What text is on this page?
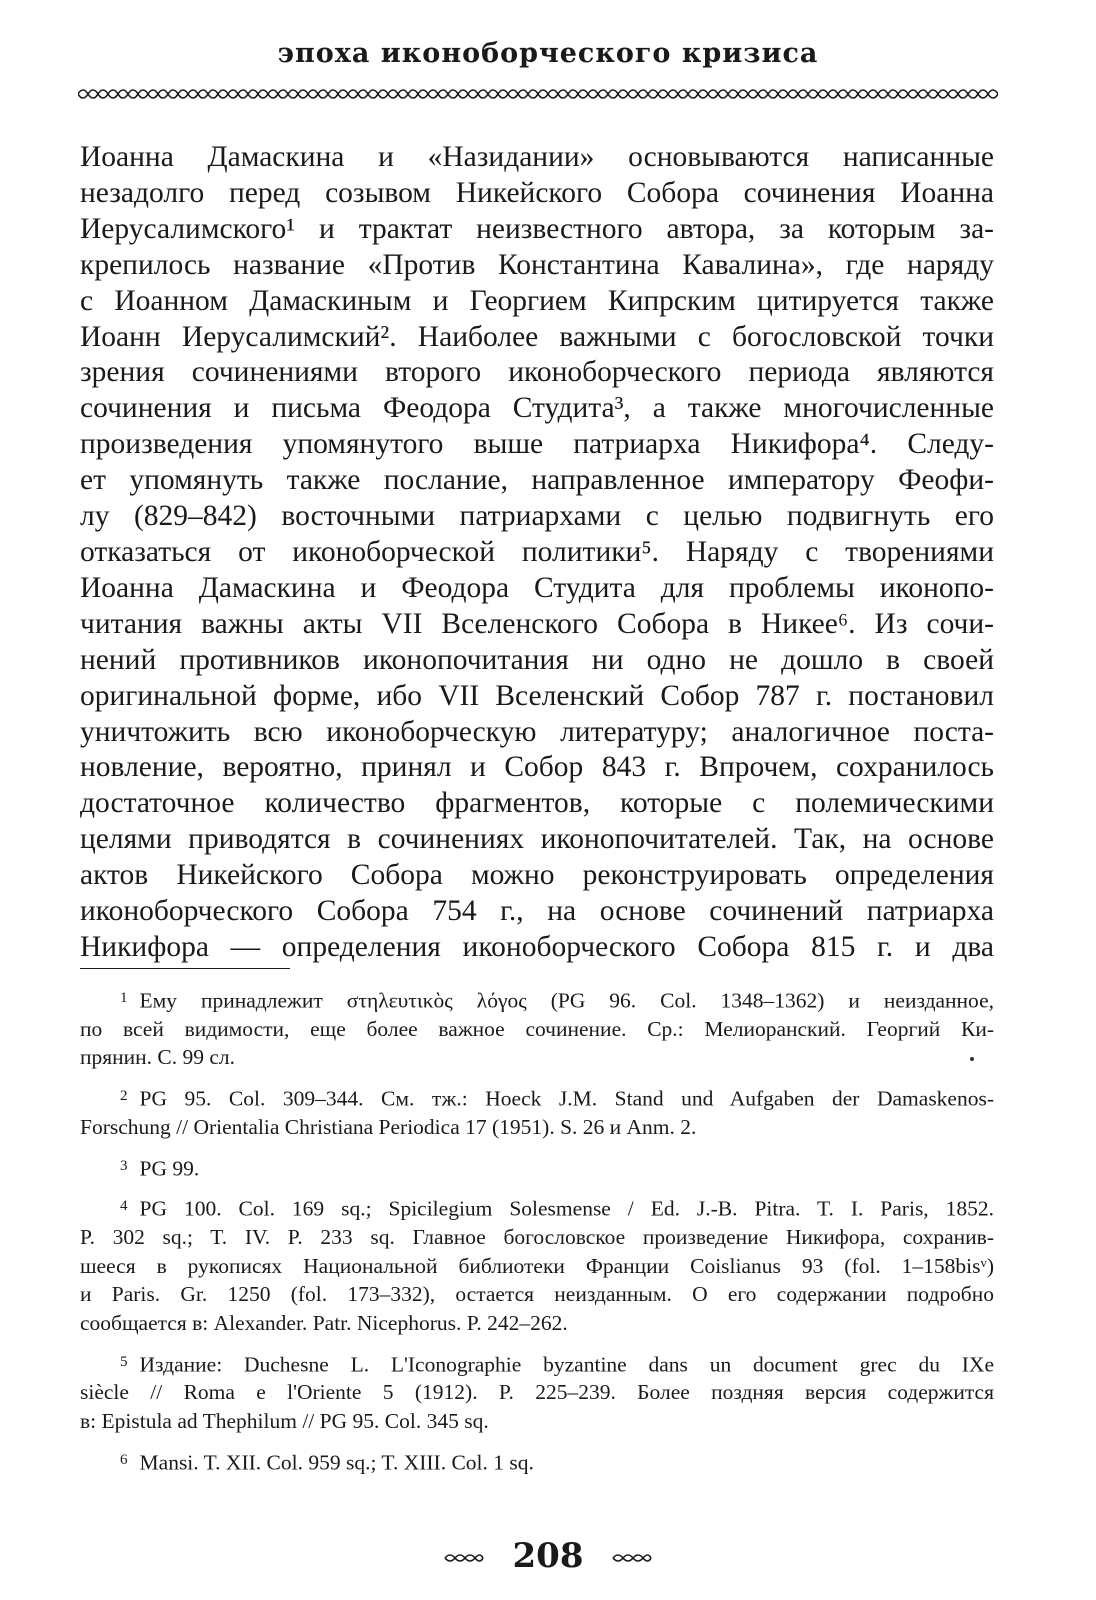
эпоха иконоборческого кризиса
Иоанна Дамаскина и «Назидании» основываются написанные
незадолго перед созывом Никейского Собора сочинения Иоанна
Иерусалимского¹ и трактат неизвестного автора, за которым за-
крепилось название «Против Константина Кавалина», где наряду
с Иоанном Дамаскиным и Георгием Кипрским цитируется также
Иоанн Иерусалимский². Наиболее важными с богословской точки
зрения сочинениями второго иконоборческого периода являются
сочинения и письма Феодора Студита³, а также многочисленные
произведения упомянутого выше патриарха Никифора⁴. Следу-
ет упомянуть также послание, направленное императору Феофи-
лу (829–842) восточными патриархами с целью подвигнуть его
отказаться от иконоборческой политики⁵. Наряду с творениями
Иоанна Дамаскина и Феодора Студита для проблемы иконопо-
читания важны акты VII Вселенского Собора в Никее⁶. Из сочи-
нений противников иконопочитания ни одно не дошло в своей
оригинальной форме, ибо VII Вселенский Собор 787 г. постановил
уничтожить всю иконоборческую литературу; аналогичное поста-
новление, вероятно, принял и Собор 843 г. Впрочем, сохранилось
достаточное количество фрагментов, которые с полемическими
целями приводятся в сочинениях иконопочитателей. Так, на основе
актов Никейского Собора можно реконструировать определения
иконоборческого Собора 754 г., на основе сочинений патриарха
Никифора — определения иконоборческого Собора 815 г. и два
$^1$ Ему принадлежит στηλευτικὸς λόγος (PG 96. Col. 1348–1362) и неизданное,
по всей видимости, еще более важное сочинение. Ср.: Мелиоранский. Георгий Ки-
прянин. С. 99 сл.
$^2$ PG 95. Col. 309–344. См. тж.: Hoeck J.M. Stand und Aufgaben der Damaskenos-
Forschung // Orientalia Christiana Periodica 17 (1951). S. 26 и Anm. 2.
$^3$ PG 99.
$^4$ PG 100. Col. 169 sq.; Spicilegium Solesmense / Ed. J.-B. Pitra. T. I. Paris, 1852.
P. 302 sq.; T. IV. P. 233 sq. Главное богословское произведение Никифора, сохранив-
шееся в рукописях Национальной библиотеки Франции Coislianus 93 (fol. 1–158bisᵛ)
и Paris. Gr. 1250 (fol. 173–332), остается неизданным. О его содержании подробно
сообщается в: Alexander. Patr. Nicephorus. P. 242–262.
$^5$ Издание: Duchesne L. L'Iconographie byzantine dans un document grec du IXe
siècle // Roma e l'Oriente 5 (1912). P. 225–239. Более поздняя версия содержится
в: Epistula ad Thephilum // PG 95. Col. 345 sq.
$^6$ Mansi. T. XII. Col. 959 sq.; T. XIII. Col. 1 sq.
208
